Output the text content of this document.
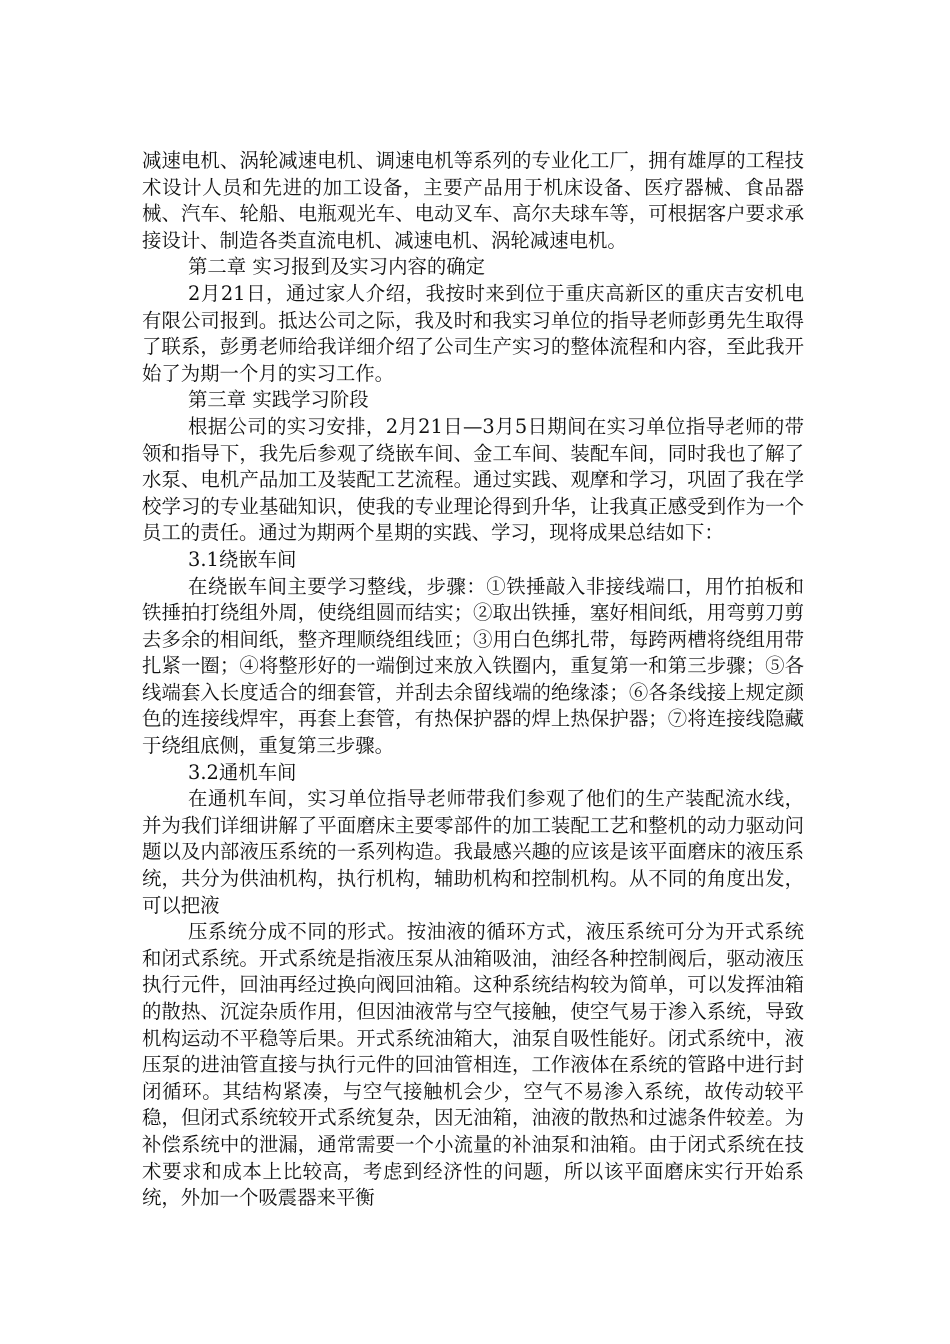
减速电机、涡轮减速电机、调速电机等系列的专业化工厂，拥有雄厚的工程技术设计人员和先进的加工设备，主要产品用于机床设备、医疗器械、食品器械、汽车、轮船、电瓶观光车、电动叉车、高尔夫球车等，可根据客户要求承接设计、制造各类直流电机、减速电机、涡轮减速电机。

第二章 实习报到及实习内容的确定

2月21日，通过家人介绍，我按时来到位于重庆高新区的重庆吉安机电有限公司报到。抵达公司之际，我及时和我实习单位的指导老师彭勇先生取得了联系，彭勇老师给我详细介绍了公司生产实习的整体流程和内容，至此我开始了为期一个月的实习工作。

第三章 实践学习阶段

根据公司的实习安排，2月21日—3月5日期间在实习单位指导老师的带领和指导下，我先后参观了绕嵌车间、金工车间、装配车间，同时我也了解了水泵、电机产品加工及装配工艺流程。通过实践、观摩和学习，巩固了我在学校学习的专业基础知识，使我的专业理论得到升华，让我真正感受到作为一个员工的责任。通过为期两个星期的实践、学习，现将成果总结如下：

3.1绕嵌车间

在绕嵌车间主要学习整线，步骤：①铁捶敲入非接线端口，用竹拍板和铁捶拍打绕组外周，使绕组圆而结实；②取出铁捶，塞好相间纸，用弯剪刀剪去多余的相间纸，整齐理顺绕组线匝；③用白色绑扎带，每跨两槽将绕组用带扎紧一圈；④将整形好的一端倒过来放入铁圈内，重复第一和第三步骤；⑤各线端套入长度适合的细套管，并刮去余留线端的绝缘漆；⑥各条线接上规定颜色的连接线焊牢，再套上套管，有热保护器的焊上热保护器；⑦将连接线隐藏于绕组底侧，重复第三步骤。

3.2通机车间

在通机车间，实习单位指导老师带我们参观了他们的生产装配流水线，并为我们详细讲解了平面磨床主要零部件的加工装配工艺和整机的动力驱动问题以及内部液压系统的一系列构造。我最感兴趣的应该是该平面磨床的液压系统，共分为供油机构，执行机构，辅助机构和控制机构。从不同的角度出发，可以把液

压系统分成不同的形式。按油液的循环方式，液压系统可分为开式系统和闭式系统。开式系统是指液压泵从油箱吸油，油经各种控制阀后，驱动液压执行元件，回油再经过换向阀回油箱。这种系统结构较为简单，可以发挥油箱的散热、沉淀杂质作用，但因油液常与空气接触，使空气易于渗入系统，导致机构运动不平稳等后果。开式系统油箱大，油泵自吸性能好。闭式系统中，液压泵的进油管直接与执行元件的回油管相连，工作液体在系统的管路中进行封闭循环。其结构紧凑，与空气接触机会少，空气不易渗入系统，故传动较平稳，但闭式系统较开式系统复杂，因无油箱，油液的散热和过滤条件较差。为补偿系统中的泄漏，通常需要一个小流量的补油泵和油箱。由于闭式系统在技术要求和成本上比较高，考虑到经济性的问题，所以该平面磨床实行开始系统，外加一个吸震器来平衡
